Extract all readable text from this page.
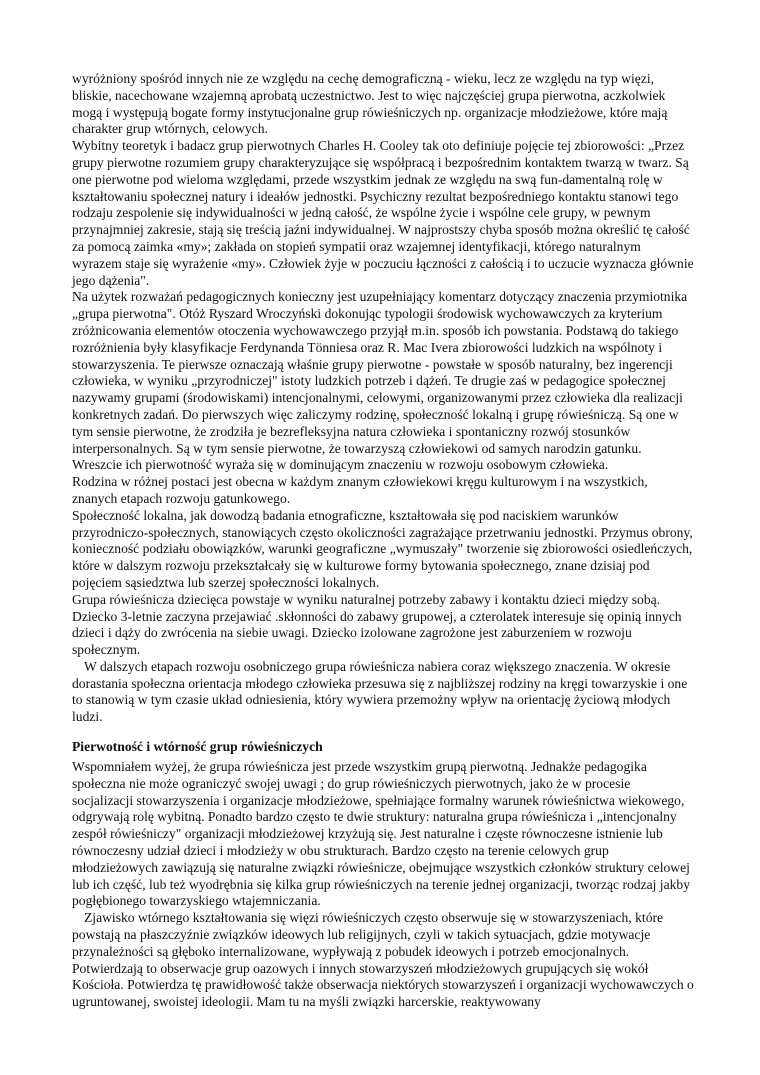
wyróżniony spośród innych nie ze względu na cechę demograficzną - wieku, lecz ze względu na typ więzi, bliskie, nacechowane wzajemną aprobatą uczestnictwo. Jest to więc najczęściej grupa pierwotna, aczkolwiek mogą i występują bogate formy instytucjonalne grup rówieśniczych np. organizacje młodzieżowe, które mają charakter grup wtórnych, celowych.

Wybitny teoretyk i badacz grup pierwotnych Charles H. Cooley tak oto definiuje pojęcie tej zbiorowości: „Przez grupy pierwotne rozumiem grupy charakteryzujące się współpracą i bezpośrednim kontaktem twarzą w twarz. Są one pierwotne pod wieloma względami, przede wszystkim jednak ze względu na swą fun-damentalną rolę w kształtowaniu społecznej natury i ideałów jednostki. Psychiczny rezultat bezpośredniego kontaktu stanowi tego rodzaju zespolenie się indywidualności w jedną całość, że wspólne życie i wspólne cele grupy, w pewnym przynajmniej zakresie, stają się treścią jaźni indywidualnej. W najprostszy chyba sposób można określić tę całość za pomocą zaimka «my»; zakłada on stopień sympatii oraz wzajemnej identyfikacji, którego naturalnym wyrazem staje się wyrażenie «my». Człowiek żyje w poczuciu łączności z całością i to uczucie wyznacza głównie jego dążenia".

Na użytek rozważań pedagogicznych konieczny jest uzupełniający komentarz dotyczący znaczenia przymiotnika „grupa pierwotna". Otóż Ryszard Wroczyński dokonując typologii środowisk wychowawczych za kryterium zróżnicowania elementów otoczenia wychowawczego przyjął m.in. sposób ich powstania. Podstawą do takiego rozróżnienia były klasyfikacje Ferdynanda Tönniesa oraz R. Mac Ivera zbiorowości ludzkich na wspólnoty i stowarzyszenia. Te pierwsze oznaczają właśnie grupy pierwotne - powstałe w sposób naturalny, bez ingerencji człowieka, w wyniku „przyrodniczej" istoty ludzkich potrzeb i dążeń. Te drugie zaś w pedagogice społecznej nazywamy grupami (środowiskami) intencjonalnymi, celowymi, organizowanymi przez człowieka dla realizacji konkretnych zadań. Do pierwszych więc zaliczymy rodzinę, społeczność lokalną i grupę rówieśniczą. Są one w tym sensie pierwotne, że zrodziła je bezrefleksyjna natura człowieka i spontaniczny rozwój stosunków interpersonalnych. Są w tym sensie pierwotne, że towarzyszą człowiekowi od samych narodzin gatunku. Wreszcie ich pierwotność wyraża się w dominującym znaczeniu w rozwoju osobowym człowieka.

Rodzina w różnej postaci jest obecna w każdym znanym człowiekowi kręgu kulturowym i na wszystkich, znanych etapach rozwoju gatunkowego.

Społeczność lokalna, jak dowodzą badania etnograficzne, kształtowała się pod naciskiem warunków przyrodniczo-społecznych, stanowiących często okoliczności zagrażające przetrwaniu jednostki. Przymus obrony, konieczność podziału obowiązków, warunki geograficzne „wymuszały" tworzenie się zbiorowości osiedleńczych, które w dalszym rozwoju przekształcały się w kulturowe formy bytowania społecznego, znane dzisiaj pod pojęciem sąsiedztwa lub szerzej społeczności lokalnych.

Grupa rówieśnicza dziecięca powstaje w wyniku naturalnej potrzeby zabawy i kontaktu dzieci między sobą. Dziecko 3-letnie zaczyna przejawiać .skłonności do zabawy grupowej, a czterolatek interesuje się opinią innych dzieci i dąży do zwrócenia na siebie uwagi. Dziecko izolowane zagrożone jest zaburzeniem w rozwoju społecznym.

W dalszych etapach rozwoju osobniczego grupa rówieśnicza nabiera coraz większego znaczenia. W okresie dorastania społeczna orientacja młodego człowieka przesuwa się z najbliższej rodziny na kręgi towarzyskie i one to stanowią w tym czasie układ odniesienia, który wywiera przemożny wpływ na orientację życiową młodych ludzi.

Pierwotność i wtórność grup rówieśniczych

Wspomniałem wyżej, że grupa rówieśnicza jest przede wszystkim grupą pierwotną. Jednakże pedagogika społeczna nie może ograniczyć swojej uwagi ; do grup rówieśniczych pierwotnych, jako że w procesie socjalizacji stowarzyszenia i organizacje młodzieżowe, spełniające formalny warunek rówieśnictwa wiekowego, odgrywają rolę wybitną. Ponadto bardzo często te dwie struktury: naturalna grupa rówieśnicza i „intencjonalny zespół rówieśniczy" organizacji młodzieżowej krzyżują się. Jest naturalne i częste równoczesne istnienie lub równoczesny udział dzieci i młodzieży w obu strukturach. Bardzo często na terenie celowych grup młodzieżowych zawiązują się naturalne związki rówieśnicze, obejmujące wszystkich członków struktury celowej lub ich część, lub też wyodrębnia się kilka grup rówieśniczych na terenie jednej organizacji, tworząc rodzaj jakby pogłębionego towarzyskiego wtajemniczania.

Zjawisko wtórnego kształtowania się więzi rówieśniczych często obserwuje się w stowarzyszeniach, które powstają na płaszczyźnie związków ideowych lub religijnych, czyli w takich sytuacjach, gdzie motywacje przynależności są głęboko internalizowane, wypływają z pobudek ideowych i potrzeb emocjonalnych. Potwierdzają to obserwacje grup oazowych i innych stowarzyszeń młodzieżowych grupujących się wokół Kościoła. Potwierdza tę prawidłowość także obserwacja niektórych stowarzyszeń i organizacji wychowawczych o ugruntowanej, swoistej ideologii. Mam tu na myśli związki harcerskie, reaktywowany
